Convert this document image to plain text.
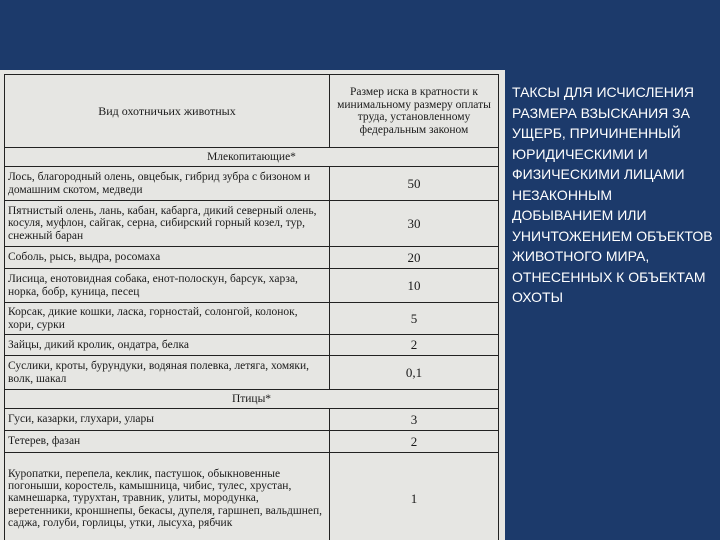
Вид охотничьих животных	Размер иска в кратности к минимальному размеру оплаты труда, установленному федеральным законом
Млекопитающие*	
Лось, благородный олень, овцебык, гибрид зубра с бизоном и домашним скотом, медведи	50
Пятнистый олень, лань, кабан, кабарга, дикий северный олень, косуля, муфлон, сайгак, серна, сибирский горный козел, тур, снежный баран	30
Соболь, рысь, выдра, росомаха	20
Лисица, енотовидная собака, енот-полоскун, барсук, харза, норка, бобр, куница, песец	10
Корсак, дикие кошки, ласка, горностай, солонгой, колонок, хори, сурки	5
Зайцы, дикий кролик, ондатра, белка	2
Суслики, кроты, бурундуки, водяная полевка, летяга, хомяки, волк, шакал	0,1
Птицы*	
Гуси, казарки, глухари, улары	3
Тетерев, фазан	2
Куропатки, перепела, кеклик, пастушок, обыкновенные погоныши, коростель, камышница, чибис, тулес, хрустан, камнешарка, турухтан, травник, улиты, мородунка, веретенники, кроншнепы, бекасы, дупеля, гаршнеп, вальдшнеп, саджа, голуби, горлицы, утки, лысуха, рябчик	1
ТАКСЫ ДЛЯ ИСЧИСЛЕНИЯ РАЗМЕРА ВЗЫСКАНИЯ ЗА УЩЕРБ, ПРИЧИНЕННЫЙ ЮРИДИЧЕСКИМИ И ФИЗИЧЕСКИМИ ЛИЦАМИ НЕЗАКОННЫМ ДОБЫВАНИЕМ ИЛИ УНИЧТОЖЕНИЕМ ОБЪЕКТОВ ЖИВОТНОГО МИРА, ОТНЕСЕННЫХ К ОБЪЕКТАМ ОХОТЫ
